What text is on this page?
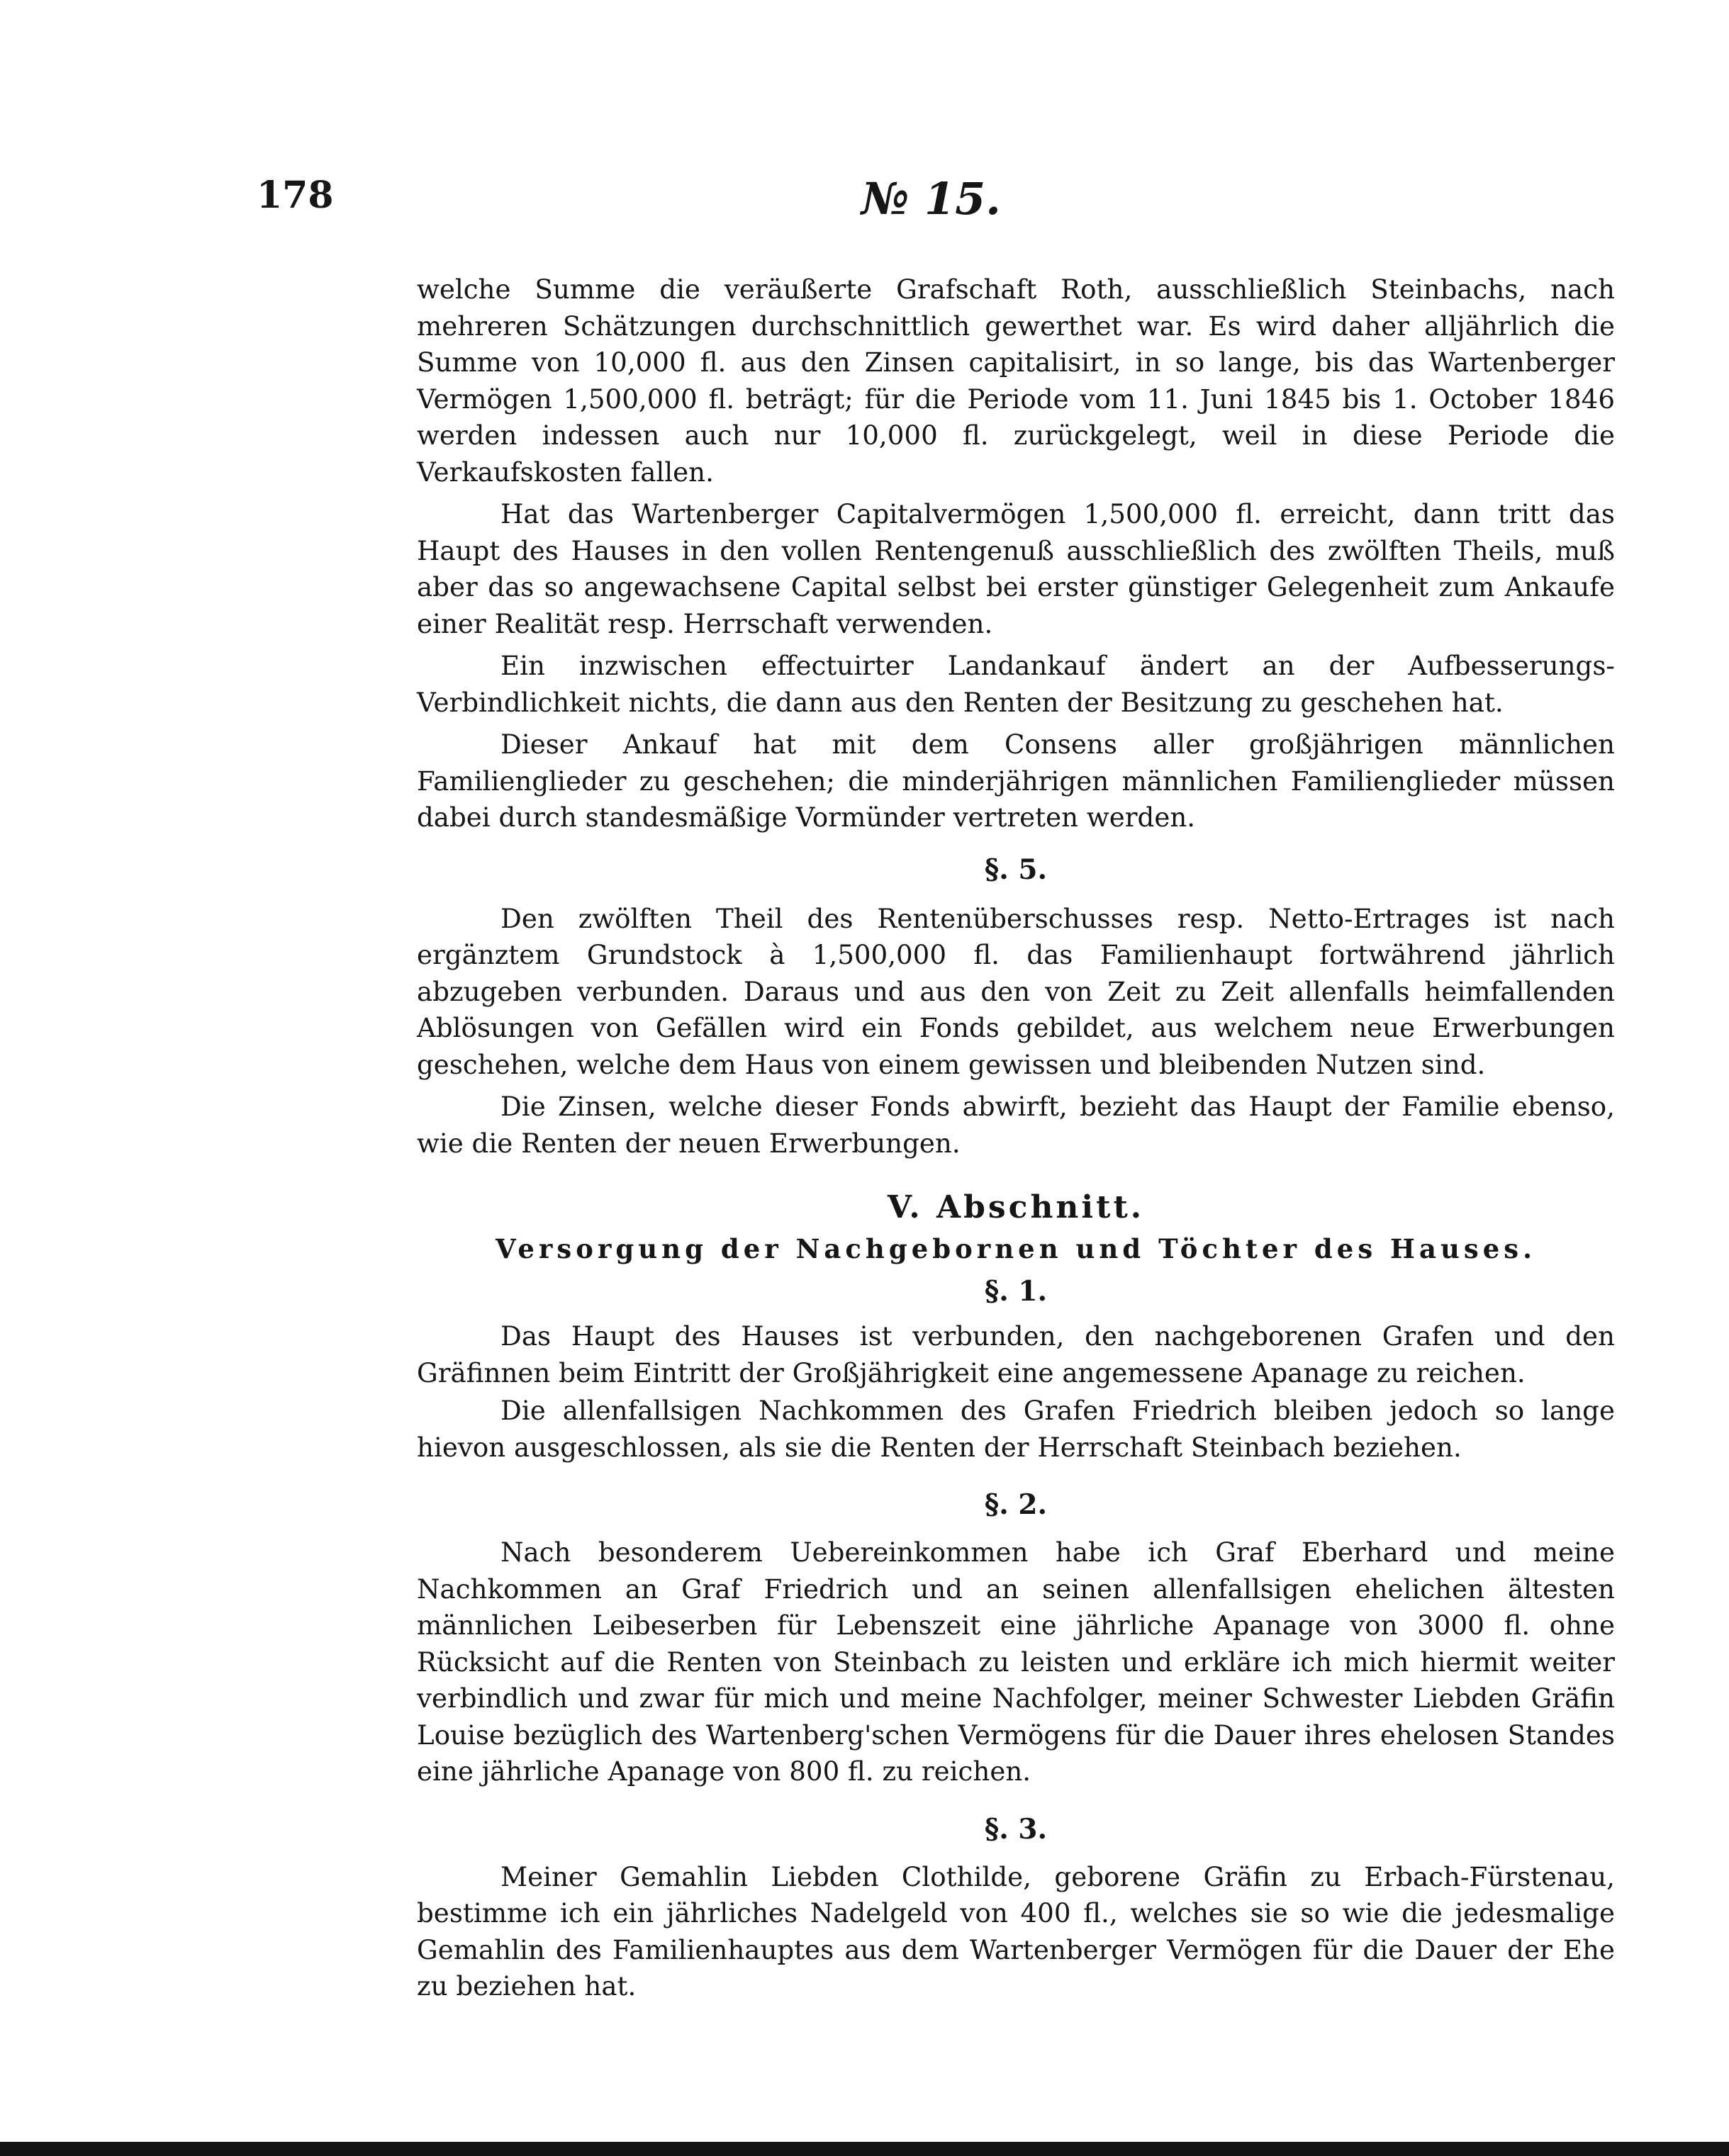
178	№ 15.

welche Summe die veräußerte Grafschaft Roth, ausschließlich Steinbachs, nach mehreren Schätzungen durchschnittlich gewerthet war. Es wird daher alljährlich die Summe von 10,000 fl. aus den Zinsen capitalisirt, in so lange, bis das Wartenberger Vermögen 1,500,000 fl. beträgt; für die Periode vom 11. Juni 1845 bis 1. October 1846 werden indessen auch nur 10,000 fl. zurückgelegt, weil in diese Periode die Verkaufskosten fallen.

Hat das Wartenberger Capitalvermögen 1,500,000 fl. erreicht, dann tritt das Haupt des Hauses in den vollen Rentengenuß ausschließlich des zwölften Theils, muß aber das so angewachsene Capital selbst bei erster günstiger Gelegenheit zum Ankaufe einer Realität resp. Herrschaft verwenden.

Ein inzwischen effectuirter Landankauf ändert an der Aufbesserungs-Verbindlichkeit nichts, die dann aus den Renten der Besitzung zu geschehen hat.

Dieser Ankauf hat mit dem Consens aller großjährigen männlichen Familienglieder zu geschehen; die minderjährigen männlichen Familienglieder müssen dabei durch standesmäßige Vormünder vertreten werden.

§. 5.

Den zwölften Theil des Rentenüberschusses resp. Netto-Ertrages ist nach ergänztem Grundstock à 1,500,000 fl. das Familienhaupt fortwährend jährlich abzugeben verbunden. Daraus und aus den von Zeit zu Zeit allenfalls heimfallenden Ablösungen von Gefällen wird ein Fonds gebildet, aus welchem neue Erwerbungen geschehen, welche dem Haus von einem gewissen und bleibenden Nutzen sind.

Die Zinsen, welche dieser Fonds abwirft, bezieht das Haupt der Familie ebenso, wie die Renten der neuen Erwerbungen.

V. Abschnitt.
Versorgung der Nachgebornen und Töchter des Hauses.
§. 1.

Das Haupt des Hauses ist verbunden, den nachgeborenen Grafen und den Gräfinnen beim Eintritt der Großjährigkeit eine angemessene Apanage zu reichen.

Die allenfallsigen Nachkommen des Grafen Friedrich bleiben jedoch so lange hievon ausgeschlossen, als sie die Renten der Herrschaft Steinbach beziehen.

§. 2.

Nach besonderem Uebereinkommen habe ich Graf Eberhard und meine Nachkommen an Graf Friedrich und an seinen allenfallsigen ehelichen ältesten männlichen Leibeserben für Lebenszeit eine jährliche Apanage von 3000 fl. ohne Rücksicht auf die Renten von Steinbach zu leisten und erkläre ich mich hiermit weiter verbindlich und zwar für mich und meine Nachfolger, meiner Schwester Liebden Gräfin Louise bezüglich des Wartenberg'schen Vermögens für die Dauer ihres ehelosen Standes eine jährliche Apanage von 800 fl. zu reichen.

§. 3.

Meiner Gemahlin Liebden Clothilde, geborene Gräfin zu Erbach-Fürstenau, bestimme ich ein jährliches Nadelgeld von 400 fl., welches sie so wie die jedesmalige Gemahlin des Familienhauptes aus dem Wartenberger Vermögen für die Dauer der Ehe zu beziehen hat.
